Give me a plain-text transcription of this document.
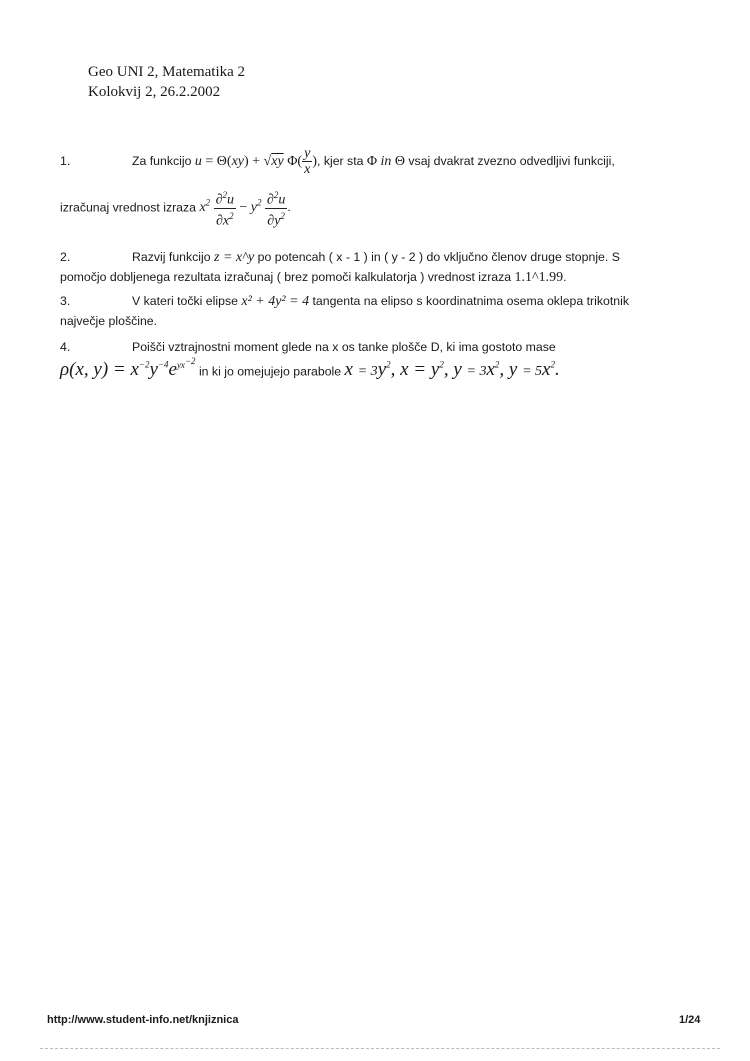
Geo UNI 2, Matematika 2
Kolokvij 2, 26.2.2002
1.	Za funkcijo u = Θ(xy) + √xy $\Phi( \frac{y}{x}$ ), kjer sta Φ in Θ vsaj dvakrat zvezno odvedljivi funkciji,
izračunaj vrednost izraza $x^2 \frac{\partial^2u}{\partial x^2} - y^2 \frac{\partial^2u}{\partial y^2}$ .
2.	Razvij funkcijo z = x^y po potencah ( x - 1 ) in ( y - 2 ) do vključno členov druge stopnje. S
pomočjo dobljenega rezultata izračunaj ( brez pomoči kalkulatorja ) vrednost izraza 1.1^1.99.
3.	V kateri točki elipse x² + 4y² = 4 tangenta na elipso s koordinatnima osema oklepa trikotnik
največje ploščine.
4.	Poišči vztrajnostni moment glede na x os tanke plošče D, ki ima gostoto mase
ρ(x, $y) = x^{-2}y^{-4}e^{yx^{-2}}$ in ki jo omejujejo parabole $x = 3y^2$, $x = y^2$, $y = 3x^2$, $y = 5x^2$.
http://www.student-info.net/knjiznica	1/24
